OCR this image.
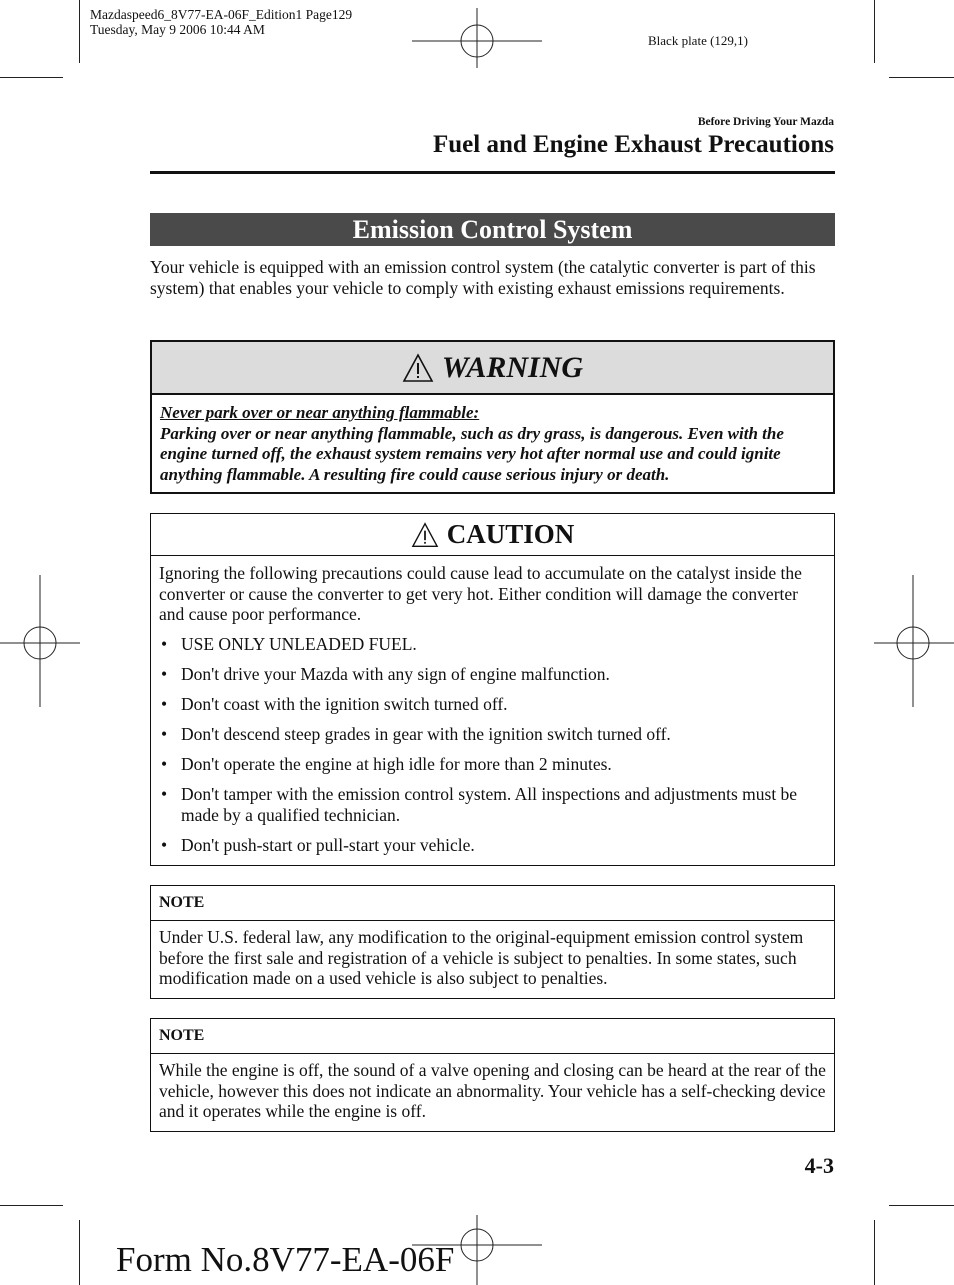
Mazdaspeed6_8V77-EA-06F_Edition1 Page129
Tuesday, May 9 2006 10:44 AM
Black plate (129,1)
Before Driving Your Mazda
Fuel and Engine Exhaust Precautions
Emission Control System
Your vehicle is equipped with an emission control system (the catalytic converter is part of this system) that enables your vehicle to comply with existing exhaust emissions requirements.
WARNING
Never park over or near anything flammable:
Parking over or near anything flammable, such as dry grass, is dangerous. Even with the engine turned off, the exhaust system remains very hot after normal use and could ignite anything flammable. A resulting fire could cause serious injury or death.
CAUTION
Ignoring the following precautions could cause lead to accumulate on the catalyst inside the converter or cause the converter to get very hot. Either condition will damage the converter and cause poor performance.
• USE ONLY UNLEADED FUEL.
• Don't drive your Mazda with any sign of engine malfunction.
• Don't coast with the ignition switch turned off.
• Don't descend steep grades in gear with the ignition switch turned off.
• Don't operate the engine at high idle for more than 2 minutes.
• Don't tamper with the emission control system. All inspections and adjustments must be made by a qualified technician.
• Don't push-start or pull-start your vehicle.
NOTE
Under U.S. federal law, any modification to the original-equipment emission control system before the first sale and registration of a vehicle is subject to penalties. In some states, such modification made on a used vehicle is also subject to penalties.
NOTE
While the engine is off, the sound of a valve opening and closing can be heard at the rear of the vehicle, however this does not indicate an abnormality. Your vehicle has a self-checking device and it operates while the engine is off.
4-3
Form No.8V77-EA-06F
